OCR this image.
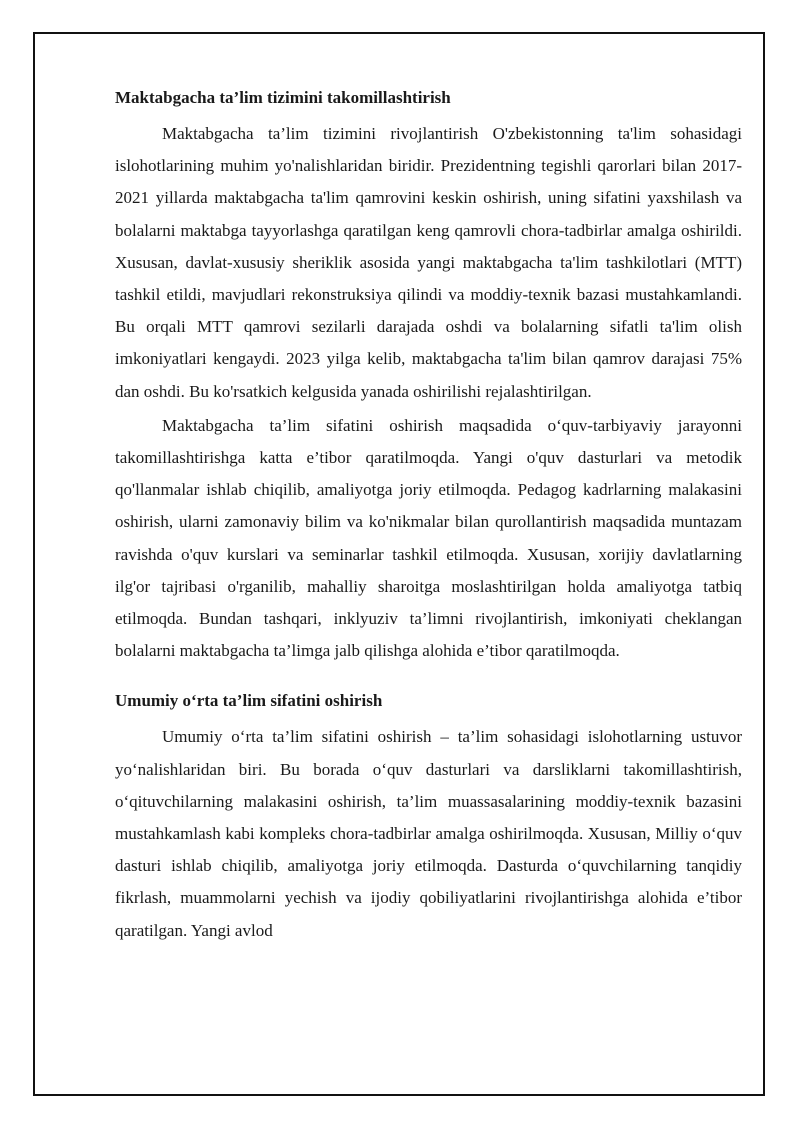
Maktabgacha ta’lim tizimini takomillashtirish

Maktabgacha ta’lim tizimini rivojlantirish O'zbekistonning ta'lim sohasidagi islohotlarining muhim yo'nalishlaridan biridir. Prezidentning tegishli qarorlari bilan 2017-2021 yillarda maktabgacha ta'lim qamrovini keskin oshirish, uning sifatini yaxshilash va bolalarni maktabga tayyorlashga qaratilgan keng qamrovli chora-tadbirlar amalga oshirildi. Xususan, davlat-xususiy sheriklik asosida yangi maktabgacha ta'lim tashkilotlari (MTT) tashkil etildi, mavjudlari rekonstruksiya qilindi va moddiy-texnik bazasi mustahkamlandi. Bu orqali MTT qamrovi sezilarli darajada oshdi va bolalarning sifatli ta'lim olish imkoniyatlari kengaydi. 2023 yilga kelib, maktabgacha ta'lim bilan qamrov darajasi 75% dan oshdi. Bu ko'rsatkich kelgusida yanada oshirilishi rejalashtirilgan.

Maktabgacha ta’lim sifatini oshirish maqsadida o‘quv-tarbiyaviy jarayonni takomillashtirishga katta e’tibor qaratilmoqda. Yangi o'quv dasturlari va metodik qo'llanmalar ishlab chiqilib, amaliyotga joriy etilmoqda. Pedagog kadrlarning malakasini oshirish, ularni zamonaviy bilim va ko'nikmalar bilan qurollantirish maqsadida muntazam ravishda o'quv kurslari va seminarlar tashkil etilmoqda. Xususan, xorijiy davlatlarning ilg'or tajribasi o'rganilib, mahalliy sharoitga moslashtirilgan holda amaliyotga tatbiq etilmoqda. Bundan tashqari, inklyuziv ta’limni rivojlantirish, imkoniyati cheklangan bolalarni maktabgacha ta’limga jalb qilishga alohida e’tibor qaratilmoqda.

Umumiy o‘rta ta’lim sifatini oshirish

Umumiy o‘rta ta’lim sifatini oshirish – ta’lim sohasidagi islohotlarning ustuvor yo‘nalishlaridan biri. Bu borada o‘quv dasturlari va darsliklarni takomillashtirish, o‘qituvchilarning malakasini oshirish, ta’lim muassasalarining moddiy-texnik bazasini mustahkamlash kabi kompleks chora-tadbirlar amalga oshirilmoqda. Xususan, Milliy o‘quv dasturi ishlab chiqilib, amaliyotga joriy etilmoqda. Dasturda o‘quvchilarning tanqidiy fikrlash, muammolarni yechish va ijodiy qobiliyatlarini rivojlantirishga alohida e’tibor qaratilgan. Yangi avlod
